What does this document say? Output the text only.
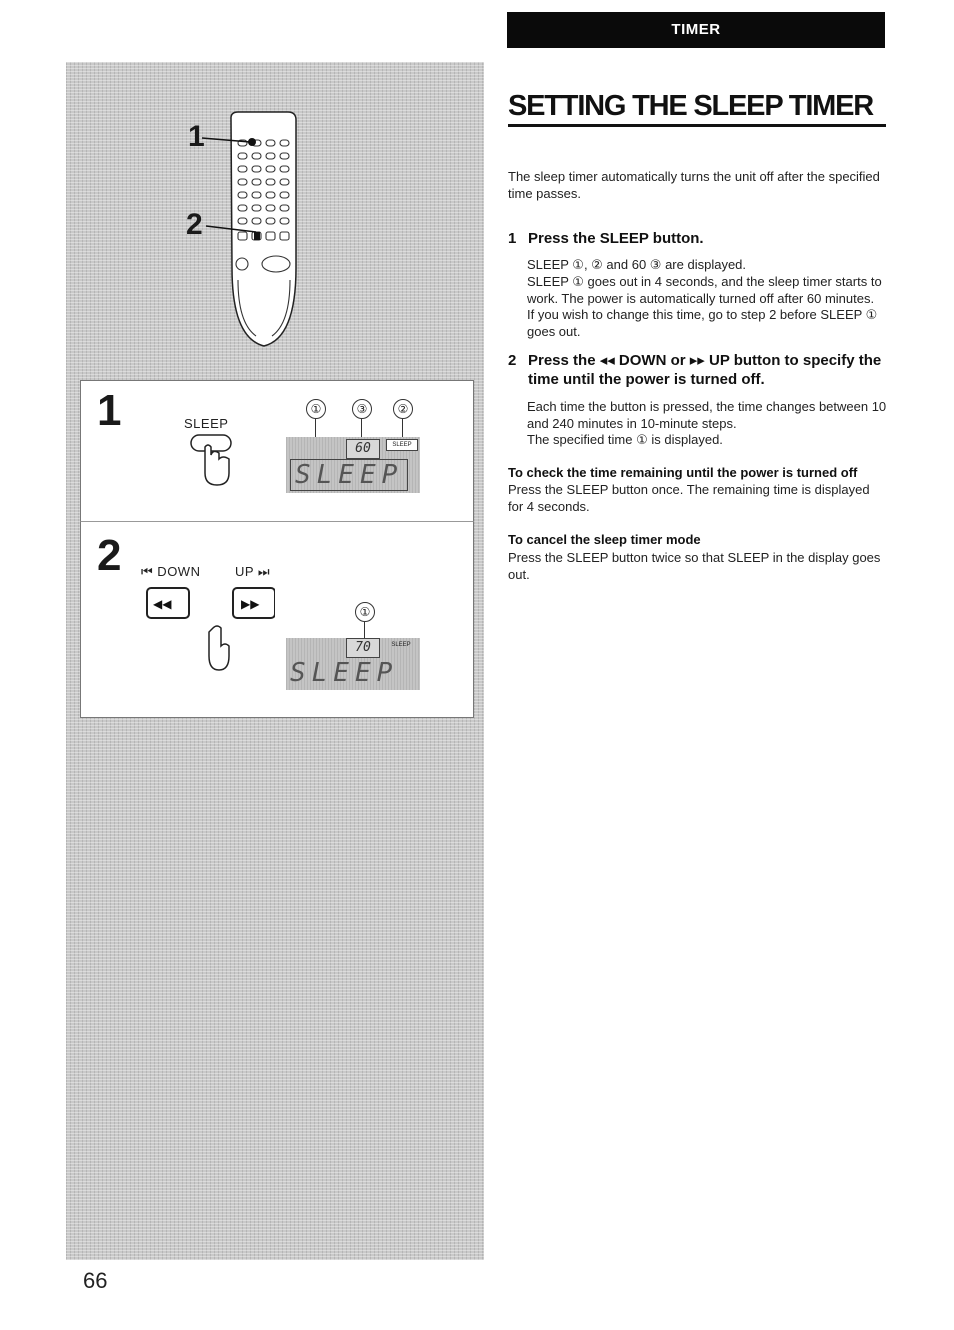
1
2
1	SLEEP
①	③	②
60	SLEEP
SLEEP
2 ⏮ DOWN	UP ⏭
◀◀	▶▶
①
70	SLEEP
SLEEP
66
TIMER
SETTING THE SLEEP TIMER
The sleep timer automatically turns the unit off after the specified time passes.
1 Press the SLEEP button.
SLEEP ①, ② and 60 ③ are displayed.
SLEEP ① goes out in 4 seconds, and the sleep timer starts to work. The power is automatically turned off after 60 minutes.
If you wish to change this time, go to step 2 before SLEEP ① goes out.
2 Press the ◂◂ DOWN or ▸▸ UP button to specify the time until the power is turned off.
Each time the button is pressed, the time changes between 10 and 240 minutes in 10-minute steps.
The specified time ① is displayed.
To check the time remaining until the power is turned off
Press the SLEEP button once. The remaining time is displayed for 4 seconds.
To cancel the sleep timer mode
Press the SLEEP button twice so that SLEEP in the display goes out.
